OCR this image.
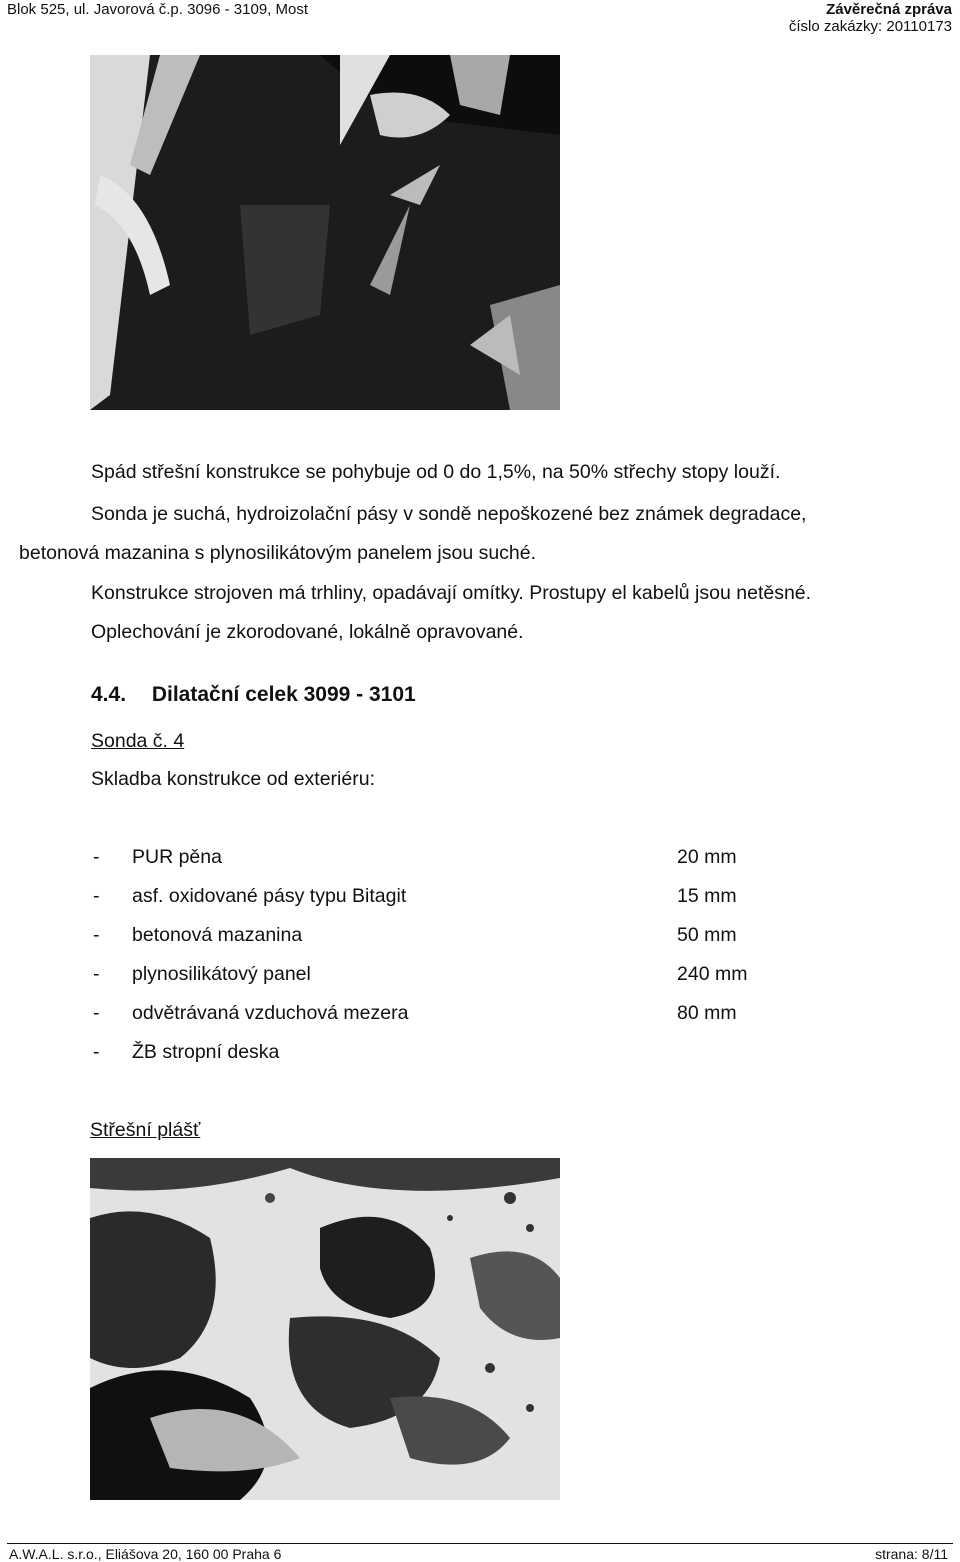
Blok 525, ul. Javorová č.p. 3096 - 3109, Most	Závěrečná zpráva
číslo zakázky: 20110173
Spád střešní konstrukce se pohybuje od 0 do 1,5%, na 50% střechy stopy louží.
Sonda je suchá, hydroizolační pásy v sondě nepoškozené bez známek degradace,
betonová mazanina s plynosilikátovým panelem jsou suché.
Konstrukce strojoven má trhliny, opadávají omítky. Prostupy el kabelů jsou netěsné.
Oplechování je zkorodované, lokálně opravované.
4.4. Dilatační celek 3099 - 3101
Sonda č. 4
Skladba konstrukce od exteriéru:
- PUR pěna	20 mm
- asf. oxidované pásy typu Bitagit	15 mm
- betonová mazanina	50 mm
- plynosilikátový panel	240 mm
- odvětrávaná vzduchová mezera	80 mm
- ŽB stropní deska
Střešní plášť
A.W.A.L. s.r.o., Eliášova 20, 160 00 Praha 6	strana: 8/11
